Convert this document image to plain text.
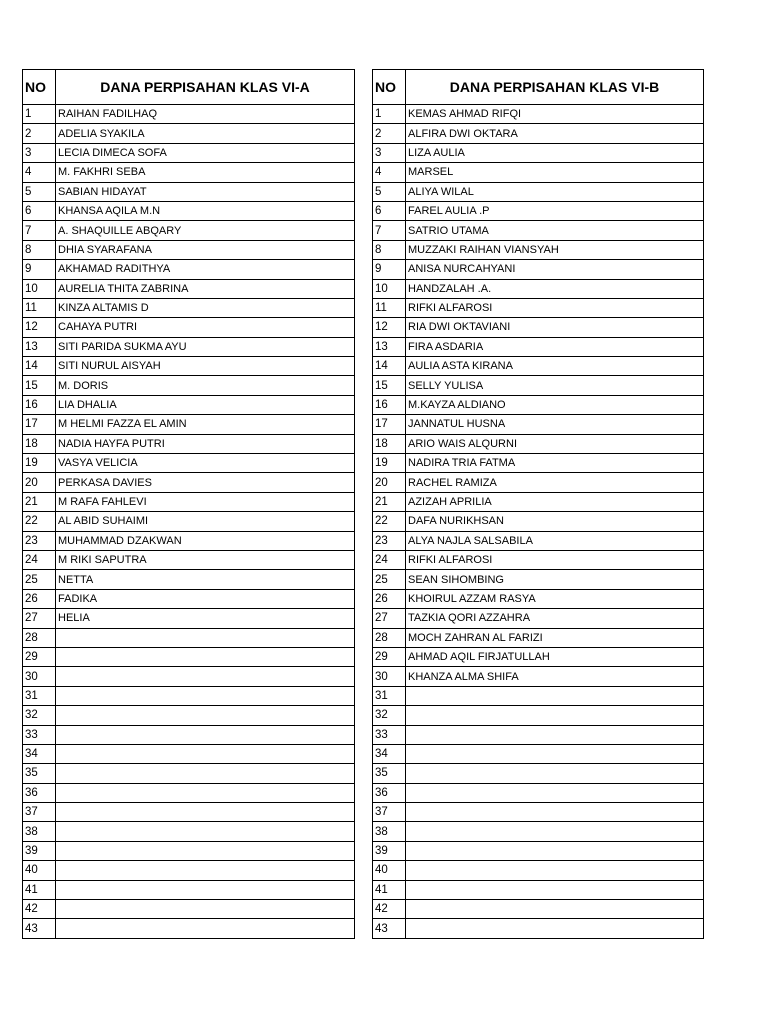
NO	DANA PERPISAHAN KLAS VI-A
1	RAIHAN FADILHAQ
2	ADELIA SYAKILA
3	LECIA DIMECA SOFA
4	M. FAKHRI SEBA
5	SABIAN HIDAYAT
6	KHANSA AQILA M.N
7	A. SHAQUILLE ABQARY
8	DHIA SYARAFANA
9	AKHAMAD RADITHYA
10	AURELIA THITA ZABRINA
11	KINZA ALTAMIS D
12	CAHAYA PUTRI
13	SITI PARIDA SUKMA AYU
14	SITI NURUL AISYAH
15	M. DORIS
16	LIA DHALIA
17	M HELMI FAZZA EL AMIN
18	NADIA HAYFA PUTRI
19	VASYA VELICIA
20	PERKASA DAVIES
21	M RAFA FAHLEVI
22	AL ABID SUHAIMI
23	MUHAMMAD DZAKWAN
24	M RIKI SAPUTRA
25	NETTA
26	FADIKA
27	HELIA
28	
29	
30	
31	
32	
33	
34	
35	
36	
37	
38	
39	
40	
41	
42	
43	
NO	DANA PERPISAHAN KLAS VI-B
1	KEMAS AHMAD RIFQI
2	ALFIRA DWI OKTARA
3	LIZA AULIA
4	MARSEL
5	ALIYA WILAL
6	FAREL AULIA .P
7	SATRIO UTAMA
8	MUZZAKI RAIHAN VIANSYAH
9	ANISA NURCAHYANI
10	HANDZALAH .A.
11	RIFKI ALFAROSI
12	RIA DWI OKTAVIANI
13	FIRA ASDARIA
14	AULIA ASTA KIRANA
15	SELLY YULISA
16	M.KAYZA ALDIANO
17	JANNATUL HUSNA
18	ARIO WAIS ALQURNI
19	NADIRA TRIA FATMA
20	RACHEL RAMIZA
21	AZIZAH APRILIA
22	DAFA NURIKHSAN
23	ALYA NAJLA SALSABILA
24	RIFKI ALFAROSI
25	SEAN SIHOMBING
26	KHOIRUL AZZAM RASYA
27	TAZKIA QORI AZZAHRA
28	MOCH ZAHRAN AL FARIZI
29	AHMAD AQIL FIRJATULLAH
30	KHANZA ALMA SHIFA
31	
32	
33	
34	
35	
36	
37	
38	
39	
40	
41	
42	
43	
